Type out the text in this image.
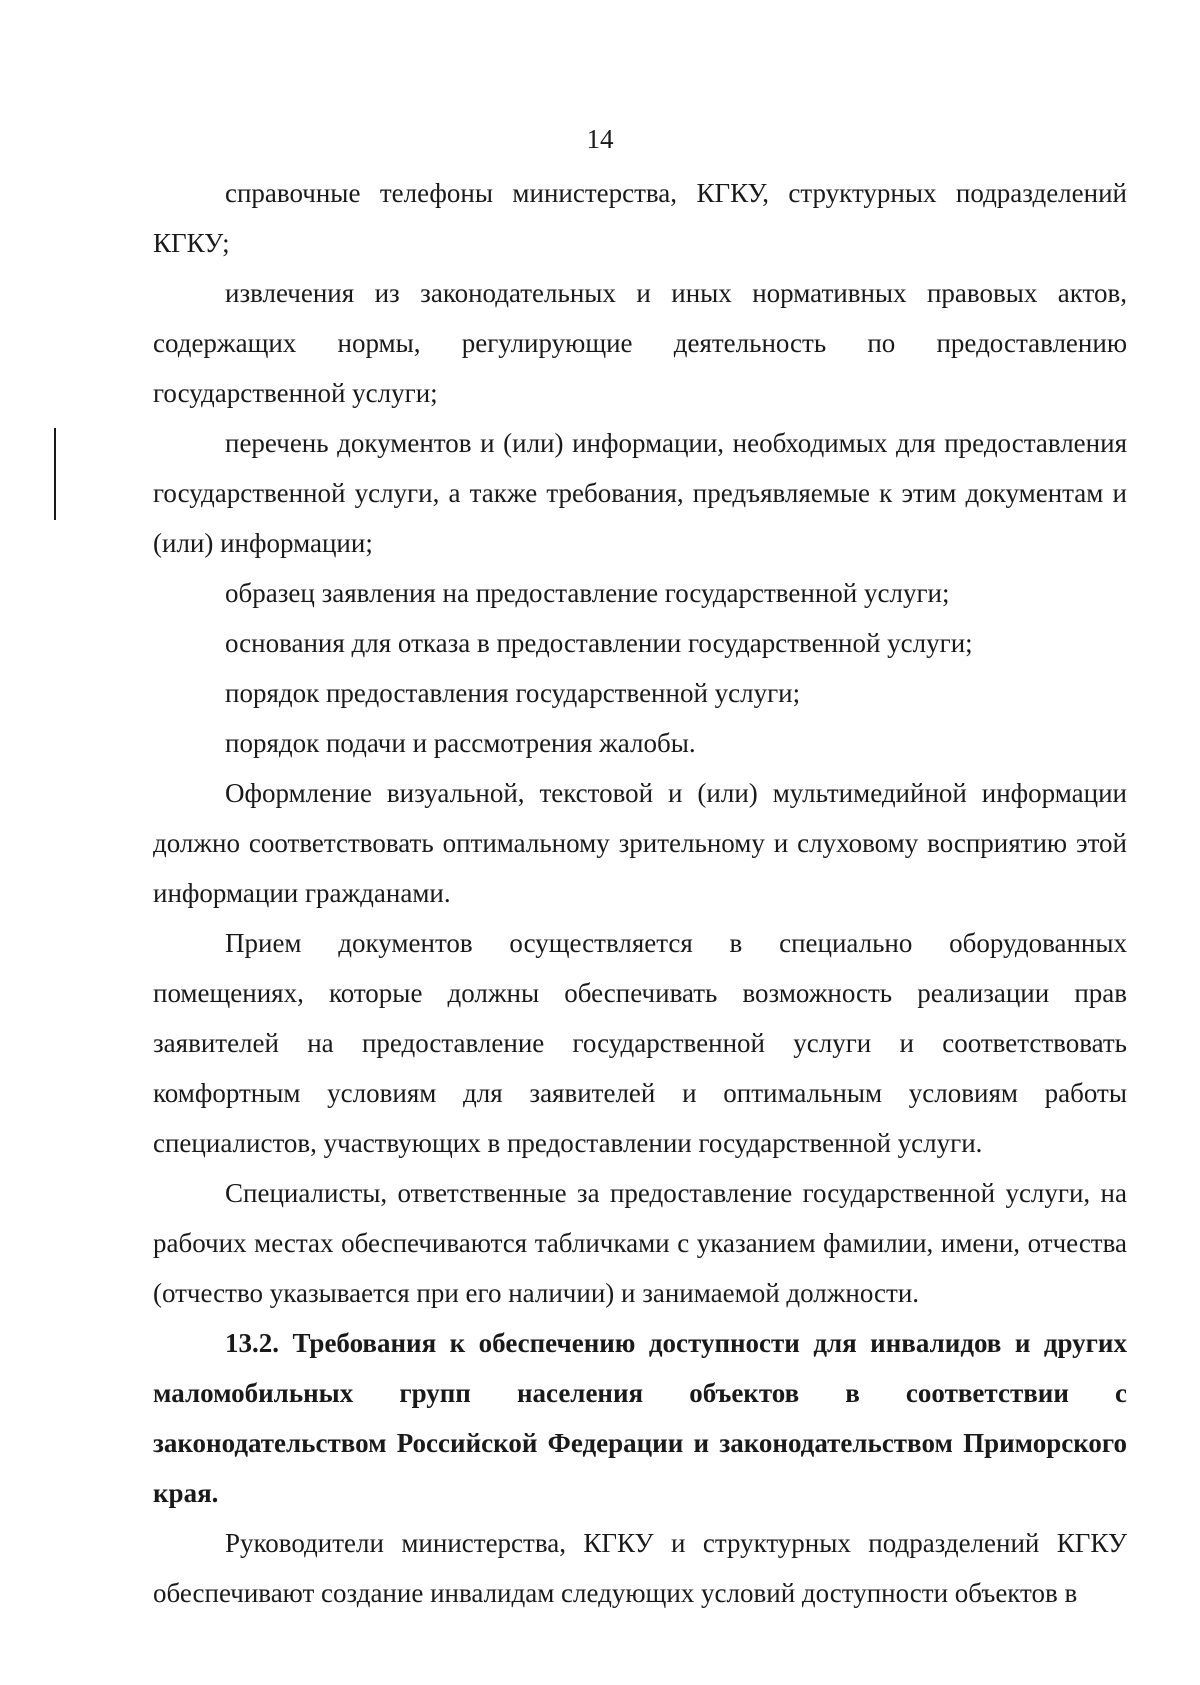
14

справочные телефоны министерства, КГКУ, структурных подразделений КГКУ;

извлечения из законодательных и иных нормативных правовых актов, содержащих нормы, регулирующие деятельность по предоставлению государственной услуги;

перечень документов и (или) информации, необходимых для предоставления государственной услуги, а также требования, предъявляемые к этим документам и (или) информации;

образец заявления на предоставление государственной услуги;

основания для отказа в предоставлении государственной услуги;

порядок предоставления государственной услуги;

порядок подачи и рассмотрения жалобы.

Оформление визуальной, текстовой и (или) мультимедийной информации должно соответствовать оптимальному зрительному и слуховому восприятию этой информации гражданами.

Прием документов осуществляется в специально оборудованных помещениях, которые должны обеспечивать возможность реализации прав заявителей на предоставление государственной услуги и соответствовать комфортным условиям для заявителей и оптимальным условиям работы специалистов, участвующих в предоставлении государственной услуги.

Специалисты, ответственные за предоставление государственной услуги, на рабочих местах обеспечиваются табличками с указанием фамилии, имени, отчества (отчество указывается при его наличии) и занимаемой должности.

13.2. Требования к обеспечению доступности для инвалидов и других маломобильных групп населения объектов в соответствии с законодательством Российской Федерации и законодательством Приморского края.

Руководители министерства, КГКУ и структурных подразделений КГКУ обеспечивают создание инвалидам следующих условий доступности объектов в
